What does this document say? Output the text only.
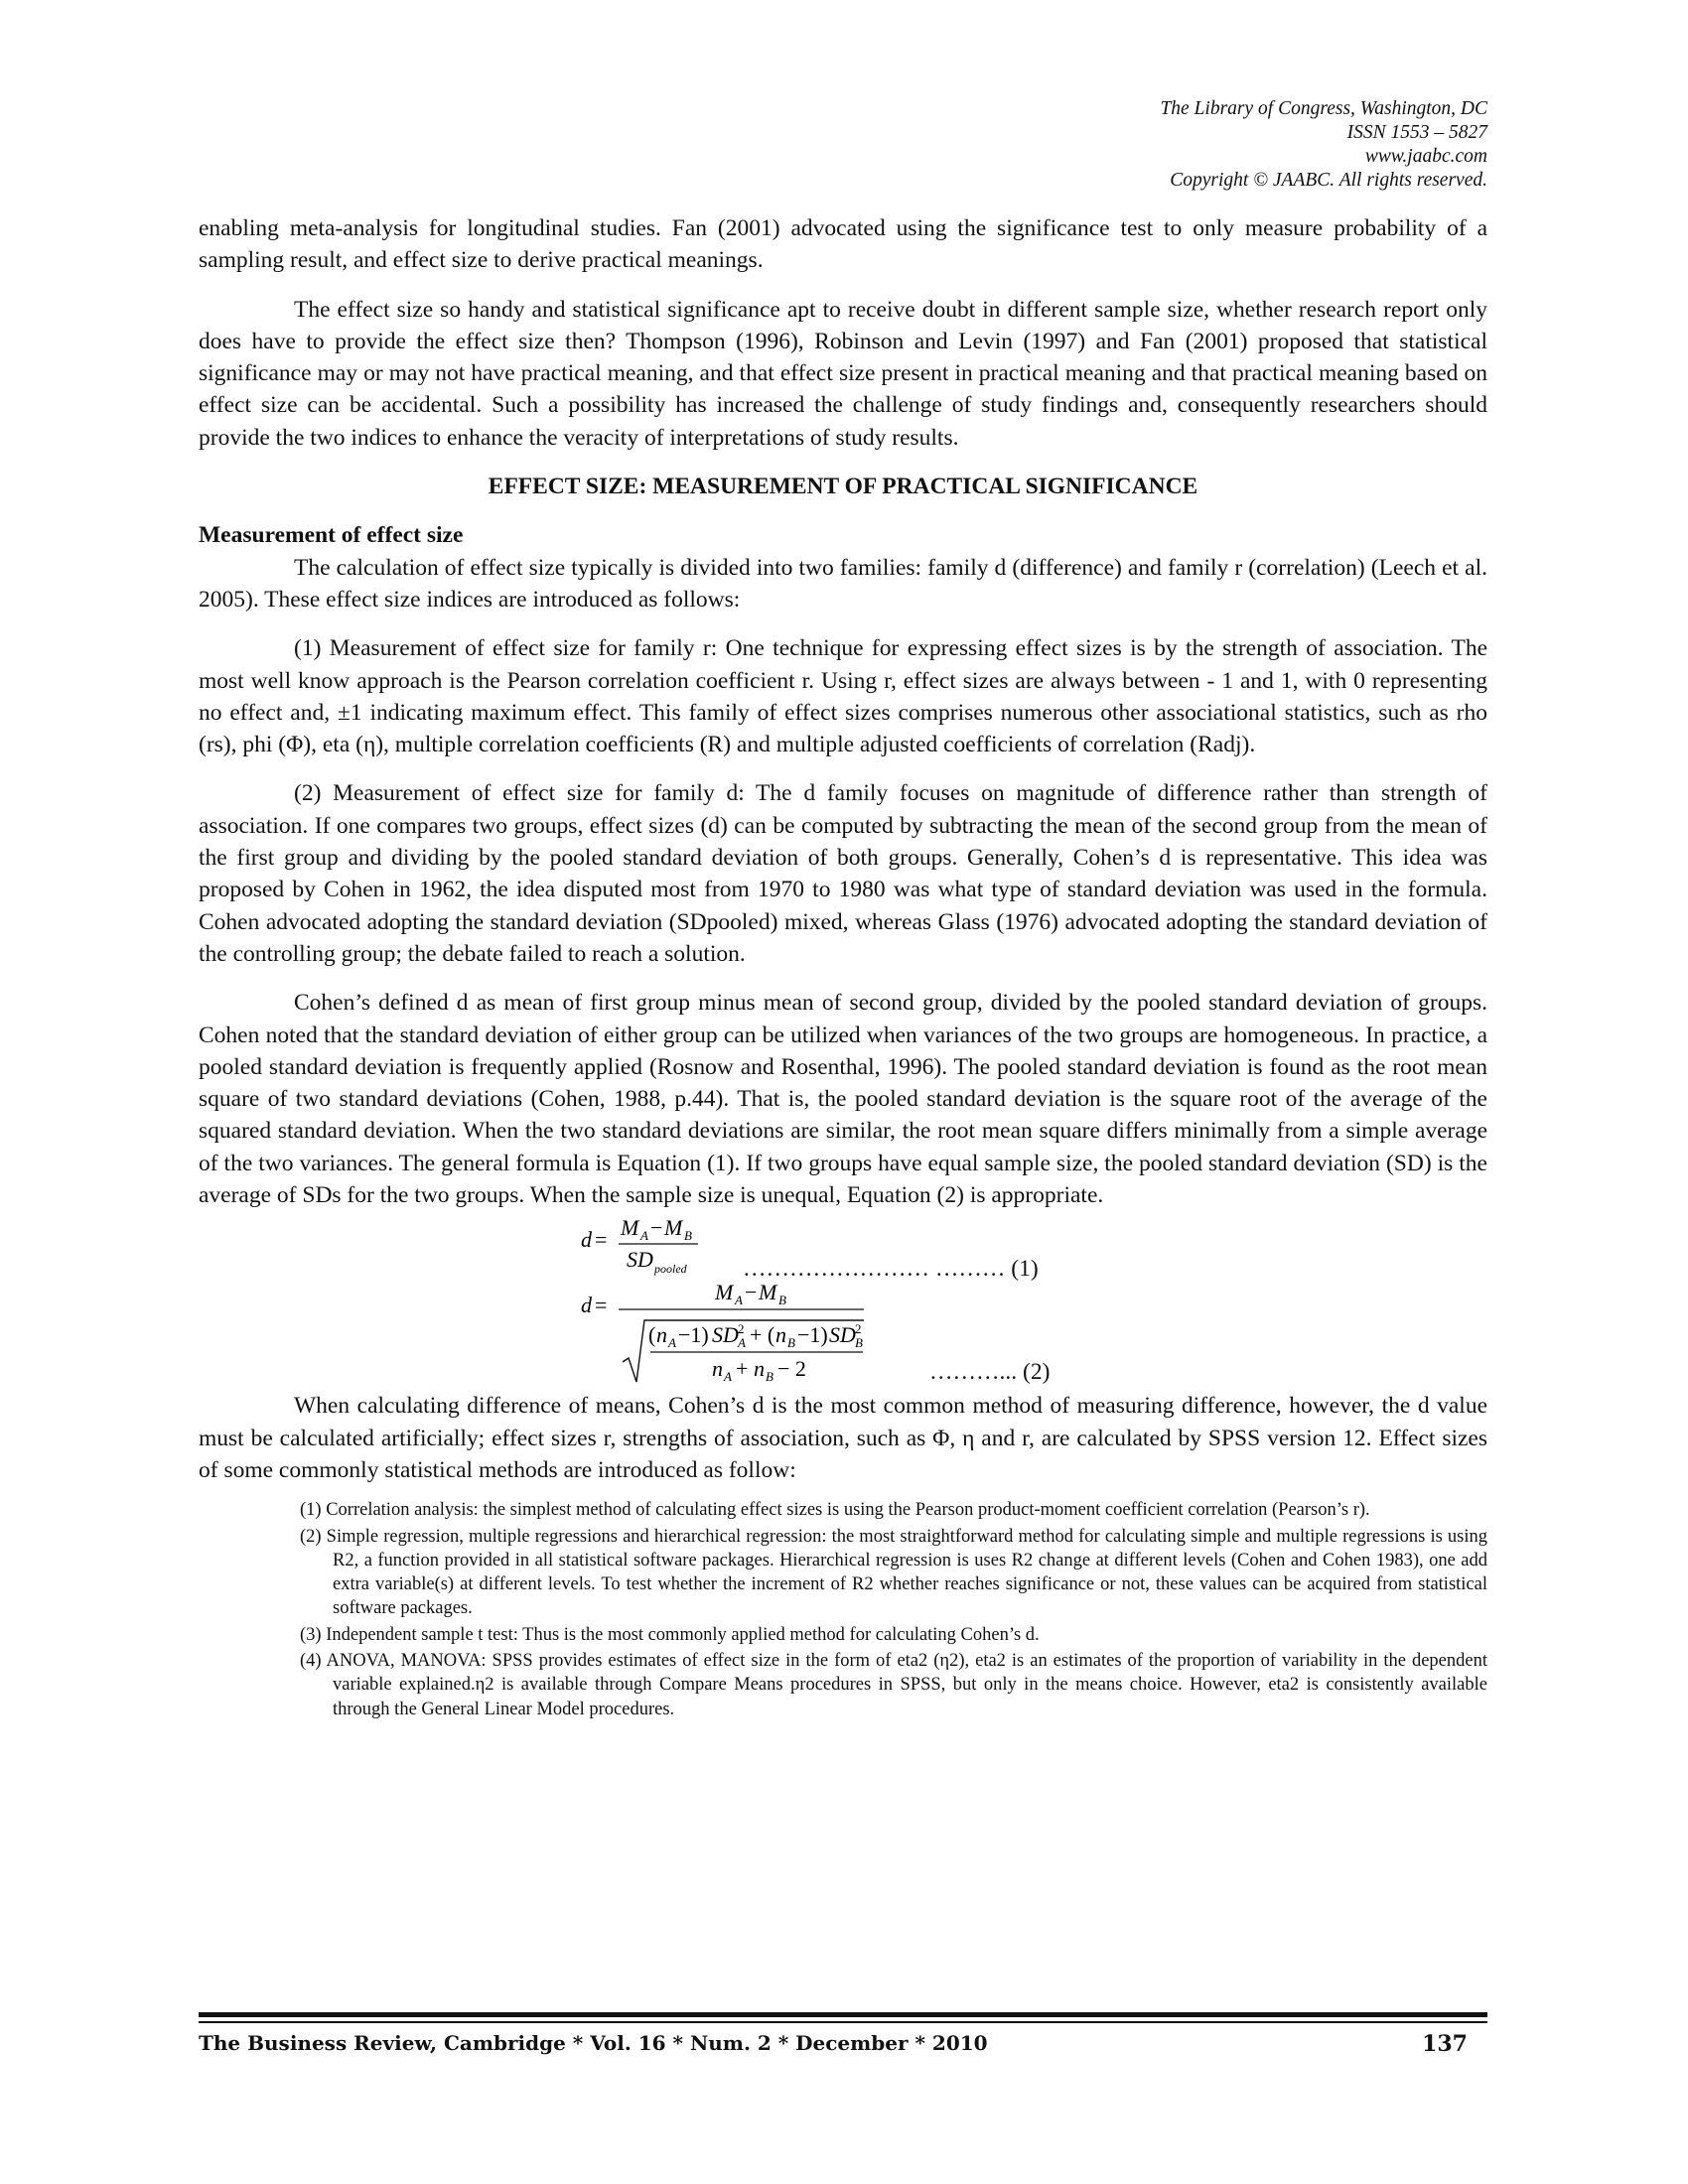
The Library of Congress, Washington, DC
ISSN 1553 – 5827
www.jaabc.com
Copyright © JAABC. All rights reserved.

enabling meta-analysis for longitudinal studies. Fan (2001) advocated using the significance test to only measure probability of a sampling result, and effect size to derive practical meanings.

The effect size so handy and statistical significance apt to receive doubt in different sample size, whether research report only does have to provide the effect size then? Thompson (1996), Robinson and Levin (1997) and Fan (2001) proposed that statistical significance may or may not have practical meaning, and that effect size present in practical meaning and that practical meaning based on effect size can be accidental. Such a possibility has increased the challenge of study findings and, consequently researchers should provide the two indices to enhance the veracity of interpretations of study results.

EFFECT SIZE: MEASUREMENT OF PRACTICAL SIGNIFICANCE

Measurement of effect size

The calculation of effect size typically is divided into two families: family d (difference) and family r (correlation) (Leech et al. 2005). These effect size indices are introduced as follows:

(1) Measurement of effect size for family r: One technique for expressing effect sizes is by the strength of association. The most well know approach is the Pearson correlation coefficient r. Using r, effect sizes are always between - 1 and 1, with 0 representing no effect and, ±1 indicating maximum effect. This family of effect sizes comprises numerous other associational statistics, such as rho (rs), phi (Φ), eta (η), multiple correlation coefficients (R) and multiple adjusted coefficients of correlation (Radj).

(2) Measurement of effect size for family d: The d family focuses on magnitude of difference rather than strength of association. If one compares two groups, effect sizes (d) can be computed by subtracting the mean of the second group from the mean of the first group and dividing by the pooled standard deviation of both groups. Generally, Cohen’s d is representative. This idea was proposed by Cohen in 1962, the idea disputed most from 1970 to 1980 was what type of standard deviation was used in the formula. Cohen advocated adopting the standard deviation (SDpooled) mixed, whereas Glass (1976) advocated adopting the standard deviation of the controlling group; the debate failed to reach a solution.

Cohen’s defined d as mean of first group minus mean of second group, divided by the pooled standard deviation of groups. Cohen noted that the standard deviation of either group can be utilized when variances of the two groups are homogeneous. In practice, a pooled standard deviation is frequently applied (Rosnow and Rosenthal, 1996). The pooled standard deviation is found as the root mean square of two standard deviations (Cohen, 1988, p.44). That is, the pooled standard deviation is the square root of the average of the squared standard deviation. When the two standard deviations are similar, the root mean square differs minimally from a simple average of the two variances. The general formula is Equation (1). If two groups have equal sample size, the pooled standard deviation (SD) is the average of SDs for the two groups. When the sample size is unequal, Equation (2) is appropriate.

d = M A − M B
SD pooled …………………… ……… (1)
d =
M A − M B
( n A −1) SD 2
A + ( n B −1) SD 2
B
n A + n B − 2	………... (2)

When calculating difference of means, Cohen’s d is the most common method of measuring difference, however, the d value must be calculated artificially; effect sizes r, strengths of association, such as Φ, η and r, are calculated by SPSS version 12. Effect sizes of some commonly statistical methods are introduced as follow:

(1) Correlation analysis: the simplest method of calculating effect sizes is using the Pearson product-moment coefficient correlation (Pearson’s r).
(2) Simple regression, multiple regressions and hierarchical regression: the most straightforward method for calculating simple and multiple regressions is using R2, a function provided in all statistical software packages. Hierarchical regression is uses R2 change at different levels (Cohen and Cohen 1983), one add extra variable(s) at different levels. To test whether the increment of R2 whether reaches significance or not, these values can be acquired from statistical software packages.
(3) Independent sample t test: Thus is the most commonly applied method for calculating Cohen’s d.
(4) ANOVA, MANOVA: SPSS provides estimates of effect size in the form of eta2 (η2), eta2 is an estimates of the proportion of variability in the dependent variable explained.η2 is available through Compare Means procedures in SPSS, but only in the means choice. However, eta2 is consistently available through the General Linear Model procedures.
The Business Review, Cambridge * Vol. 16 * Num. 2 * December * 2010	137
